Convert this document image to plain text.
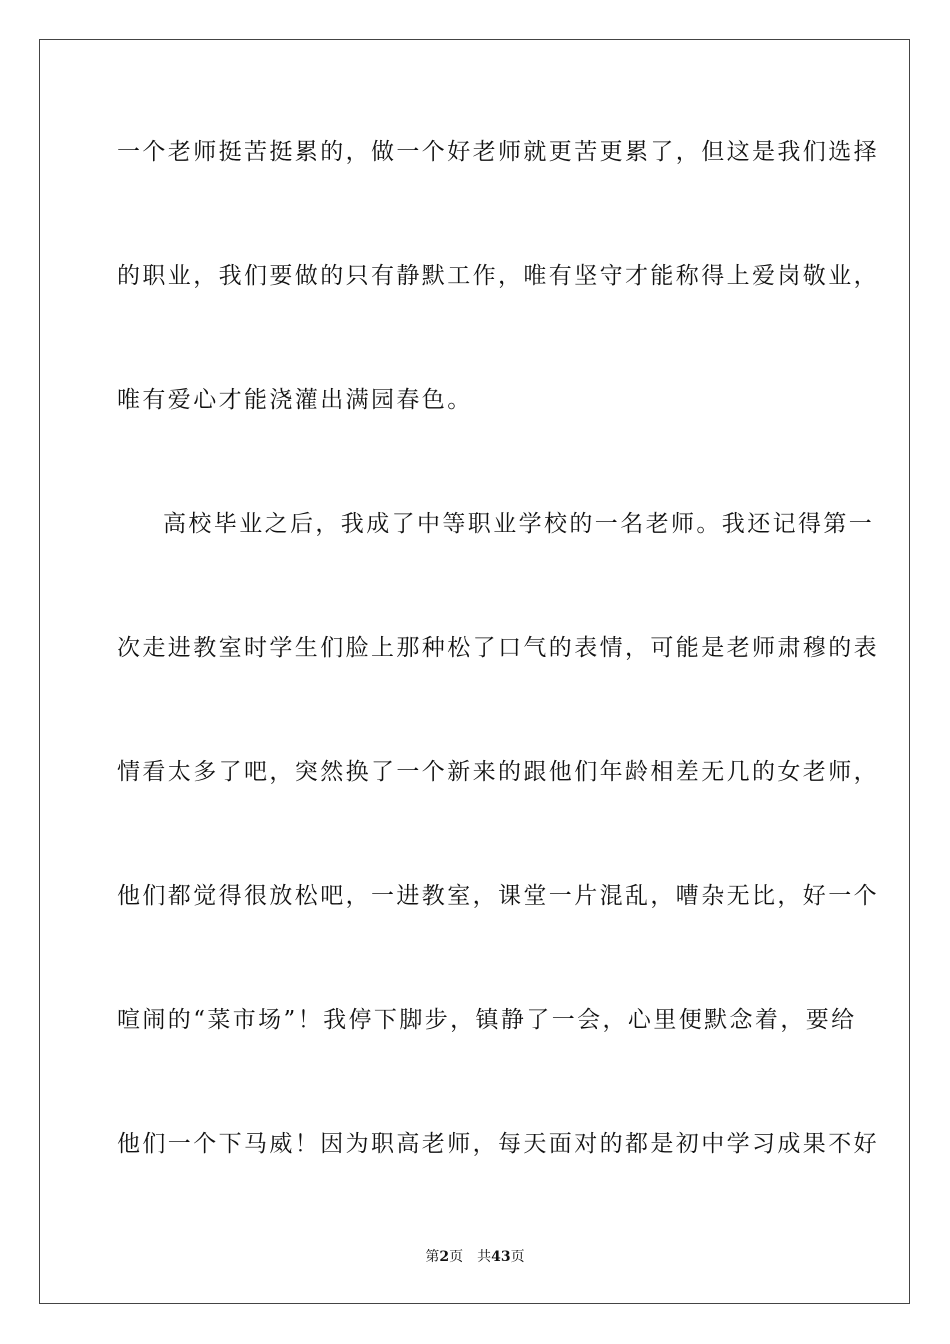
一个老师挺苦挺累的，做一个好老师就更苦更累了，但这是我们选择
的职业，我们要做的只有静默工作，唯有坚守才能称得上爱岗敬业，
唯有爱心才能浇灌出满园春色。
高校毕业之后，我成了中等职业学校的一名老师。我还记得第一
次走进教室时学生们脸上那种松了口气的表情，可能是老师肃穆的表
情看太多了吧，突然换了一个新来的跟他们年龄相差无几的女老师，
他们都觉得很放松吧，一进教室，课堂一片混乱，嘈杂无比，好一个
喧闹的“菜市场”！我停下脚步，镇静了一会，心里便默念着，要给
他们一个下马威！因为职高老师，每天面对的都是初中学习成果不好
第2页 共43页
